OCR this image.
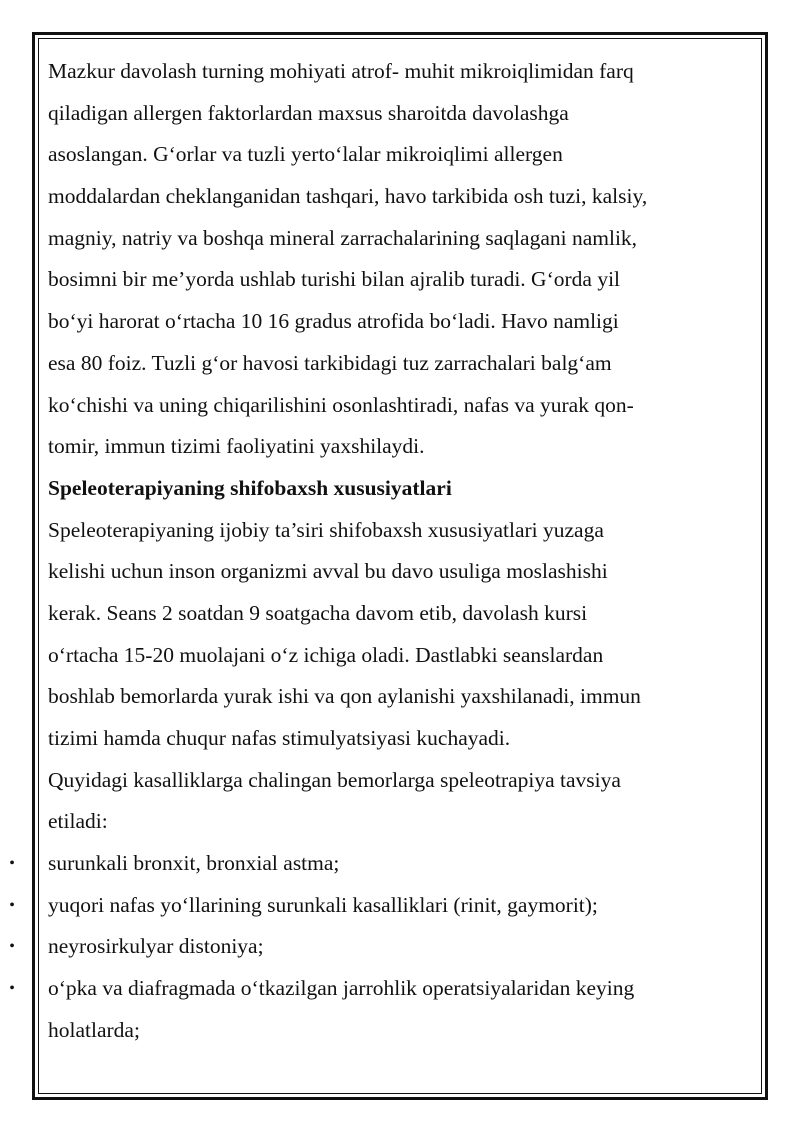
Mazkur davolash turning mohiyati atrof- muhit mikroiqlimidan farq
qiladigan allergen faktorlardan maxsus sharoitda davolashga
asoslangan. G‘orlar va tuzli yerto‘lalar mikroiqlimi allergen
moddalardan cheklanganidan tashqari, havo tarkibida osh tuzi, kalsiy,
magniy, natriy va boshqa mineral zarrachalarining saqlagani namlik,
bosimni bir me’yorda ushlab turishi bilan ajralib turadi. G‘orda yil
bo‘yi harorat o‘rtacha 10 16 gradus atrofida bo‘ladi. Havo namligi
esa 80 foiz. Tuzli g‘or havosi tarkibidagi tuz zarrachalari balg‘am
ko‘chishi va uning chiqarilishini osonlashtiradi, nafas va yurak qon-
tomir, immun tizimi faoliyatini yaxshilaydi.
Speleoterapiyaning shifobaxsh xususiyatlari
Speleoterapiyaning ijobiy ta’siri shifobaxsh xususiyatlari yuzaga
kelishi uchun inson organizmi avval bu davo usuliga moslashishi
kerak. Seans 2 soatdan 9 soatgacha davom etib, davolash kursi
o‘rtacha 15-20 muolajani o‘z ichiga oladi. Dastlabki seanslardan
boshlab bemorlarda yurak ishi va qon aylanishi yaxshilanadi, immun
tizimi hamda chuqur nafas stimulyatsiyasi kuchayadi.
Quyidagi kasalliklarga chalingan bemorlarga speleotrapiya tavsiya
etiladi:
• surunkali bronxit, bronxial astma;
• yuqori nafas yo‘llarining surunkali kasalliklari (rinit, gaymorit);
• neyrosirkulyar distoniya;
• o‘pka va diafragmada o‘tkazilgan jarrohlik operatsiyalaridan keying
holatlarda;
